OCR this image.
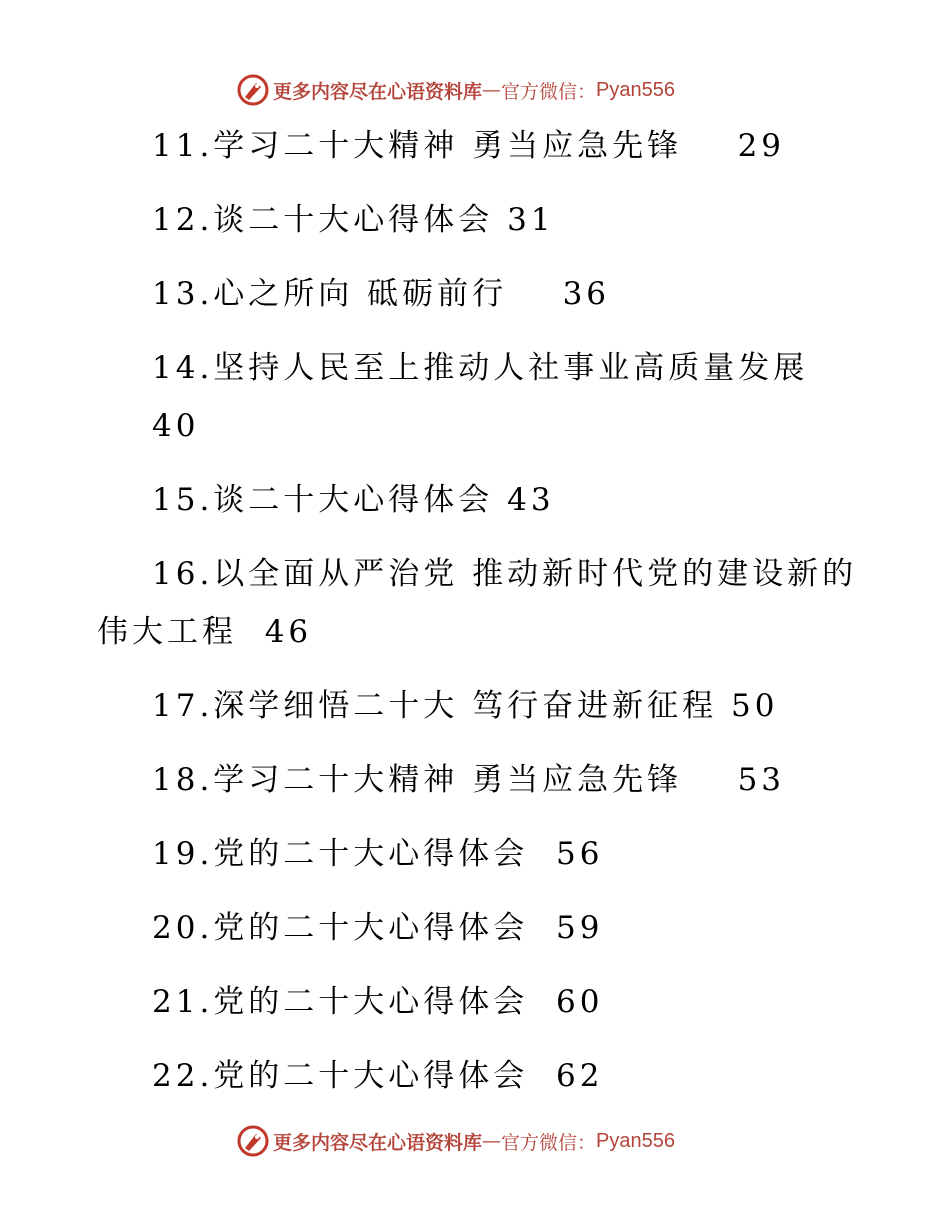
更多内容尽在心语资料库 — 官方微信： Pyan556
11.学习二十大精神 勇当应急先锋    29
12.谈二十大心得体会 31
13.心之所向 砥砺前行    36
14.坚持人民至上推动人社事业高质量发展
40
15.谈二十大心得体会 43
16.以全面从严治党 推动新时代党的建设新的
伟大工程  46
17.深学细悟二十大 笃行奋进新征程 50
18.学习二十大精神 勇当应急先锋    53
19.党的二十大心得体会  56
20.党的二十大心得体会  59
21.党的二十大心得体会  60
22.党的二十大心得体会  62
更多内容尽在心语资料库 — 官方微信： Pyan556
